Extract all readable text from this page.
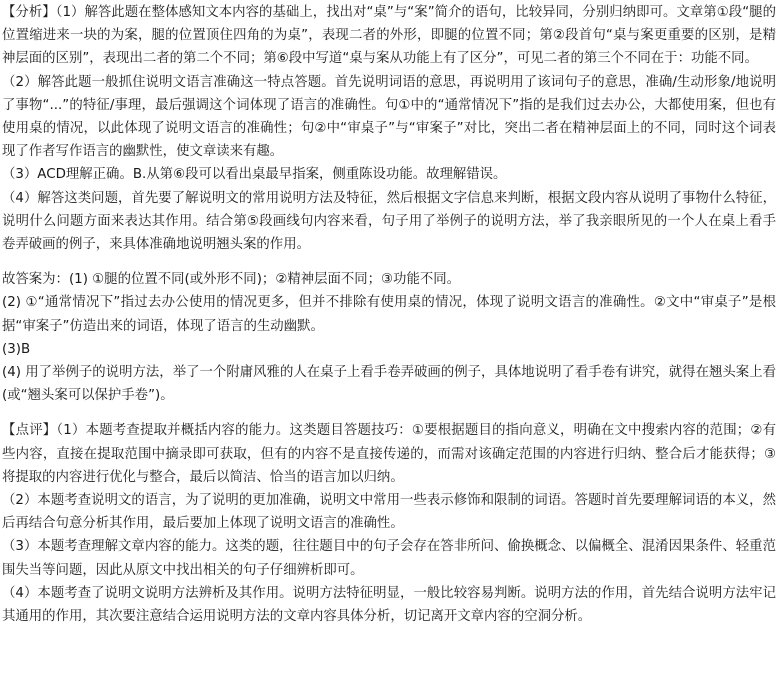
【分析】（1）解答此题在整体感知文本内容的基础上，找出对“桌”与“案”简介的语句，比较异同，分别归纳即可。文章第①段“腿的位置缩进来一块的为案，腿的位置顶住四角的为桌”，表现二者的外形，即腿的位置不同；第②段首句“桌与案更重要的区别，是精神层面的区别”，表现出二者的第二个不同；第⑥段中写道“桌与案从功能上有了区分”，可见二者的第三个不同在于：功能不同。

（2）解答此题一般抓住说明文语言准确这一特点答题。首先说明词语的意思，再说明用了该词句子的意思，准确/生动形象/地说明了事物“...”的特征/事理，最后强调这个词体现了语言的准确性。句①中的“通常情况下”指的是我们过去办公，大都使用案，但也有使用桌的情况，以此体现了说明文语言的准确性；句②中“审桌子”与“审案子”对比，突出二者在精神层面上的不同，同时这个词表现了作者写作语言的幽默性，使文章读来有趣。

（3）ACD理解正确。B.从第⑥段可以看出桌最早指案，侧重陈设功能。故理解错误。

（4）解答这类问题，首先要了解说明文的常用说明方法及特征，然后根据文字信息来判断，根据文段内容从说明了事物什么特征，说明什么问题方面来表达其作用。结合第⑤段画线句内容来看，句子用了举例子的说明方法，举了我亲眼所见的一个人在桌上看手卷弄破画的例子，来具体准确地说明翘头案的作用。

故答案为：(1) ①腿的位置不同(或外形不同)；②精神层面不同；③功能不同。

(2) ①“通常情况下”指过去办公使用的情况更多，但并不排除有使用桌的情况，体现了说明文语言的准确性。②文中“审桌子”是根据“审案子”仿造出来的词语，体现了语言的生动幽默。

(3)B

(4) 用了举例子的说明方法，举了一个附庸风雅的人在桌子上看手卷弄破画的例子，具体地说明了看手卷有讲究，就得在翘头案上看(或“翘头案可以保护手卷”)。

【点评】（1）本题考查提取并概括内容的能力。这类题目答题技巧：①要根据题目的指向意义，明确在文中搜索内容的范围；②有些内容，直接在提取范围中摘录即可获取，但有的内容不是直接传递的，而需对该确定范围的内容进行归纳、整合后才能获得；③将提取的内容进行优化与整合，最后以简洁、恰当的语言加以归纳。

（2）本题考查说明文的语言，为了说明的更加准确，说明文中常用一些表示修饰和限制的词语。答题时首先要理解词语的本义，然后再结合句意分析其作用，最后要加上体现了说明文语言的准确性。

（3）本题考查理解文章内容的能力。这类的题，往往题目中的句子会存在答非所问、偷换概念、以偏概全、混淆因果条件、轻重范围失当等问题，因此从原文中找出相关的句子仔细辨析即可。

（4）本题考查了说明文说明方法辨析及其作用。说明方法特征明显，一般比较容易判断。说明方法的作用，首先结合说明方法牢记其通用的作用，其次要注意结合运用说明方法的文章内容具体分析，切记离开文章内容的空洞分析。
